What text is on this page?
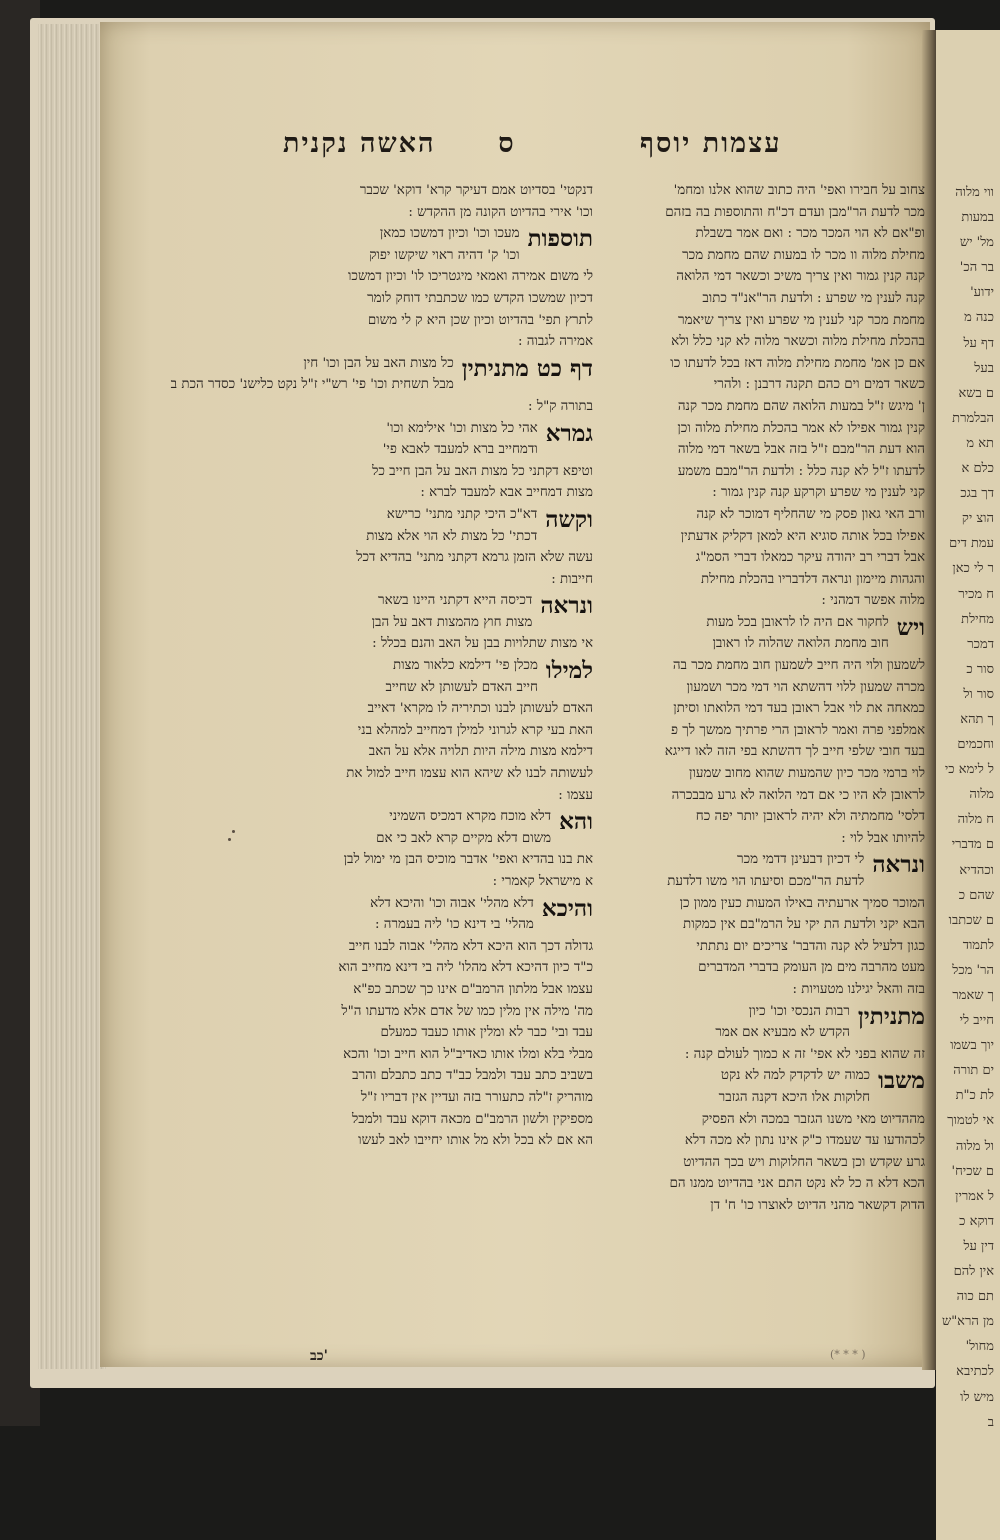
ווי מלוה
במעות
מל' יש
בר הכ'
ידוע'
כנה מ
דף על
בעל
ם בשא
הבלמרת
תא מ
כלם א
דך בגכ
הוצ יק
עמת דים
ר לי כאן
ח מכיר
מחילת
דמכר
סור כ
סור ול
ך תהא
וחכמים
ל לימא כי
מלוה
ח מלוה
ם מדברי
וכהדיא
שהם כ
ם שכתבו
לתמוד
הר' מכל
ך שאמר
חייב לי
יוך בשמו
ים תורה
לת כ"ת
אי לטמוך
ול מלוה
ם שכיח'
ל אמרין
דוקא כ
דין על
אין להם
תם כוה
מן הרא"ש
מחול'
לכתיבא
מיש לו
ב
ס  האשה נקנית	עצמות יוסף
דנקטי' בסדיוט אמם דעיקר קרא' דוקא' שכבר
וכו' אירי בהדיוט הקונה מן ההקדש :
תוספות
מעכו וכו' וכיון דמשכו כמאן
וכו' ק' דהיה ראוי שיקשו יפוק
לי משום אמירה ואמאי מיגטריכו לו' וכיון דמשכו
דכיון שמשכו הקדש כמו שכתבתי דוחק לומר
לתרץ תפי' בהדיוט וכיון שכן היא ק לי משום
אמירה לגבוה :
דף כט מתניתין
כל מצות האב על הבן וכו' חין
מבל תשחית וכו' פי' רש"י ז"ל נקט כלישנ' כסדר הכת ב
בתורה ק"ל :
גמרא
אהי כל מצות וכו' אילימא וכו'
ודמחייב ברא למעבד לאבא פי'
וטיפא דקתני כל מצות האב על הבן חייב כל
מצות דמחייב אבא למעבד לברא :
וקשה
דא"כ היכי קתני מתני' כרישא
דכתי' כל מצות לא הוי אלא מצות
עשה שלא הזמן גרמא דקתני מתני' בהדיא דכל
חייבות :
ונראה
דכיסה הייא דקתני היינו בשאר
מצות חוץ מהמצות דאב על הבן
אי מצות שתלויות בבן על האב והנם בכלל :
למילו
מכלן פי' דילמא כלאור מצות
חייב האדם לעשותן לא שחייב
האדם לעשותן לבנו וכתיריה לו מקרא' דאייב
האת בעי קרא לגרוני למילן דמחייב למהלא בני
דילמא מצות מילה היות תלויה אלא על האב
לעשותה לבנו לא שיהא הוא עצמו חייב למול את
עצמו :
והא
דלא מוכח מקרא דמכיס השמיני
משום דלא מקיים קרא לאב כי אם
את בנו בהדיא ואפי' אדבר מוכיס הבן מי ימול לבן
א מישראל קאמרי :
והיכא
דלא מהלי' אבוה וכו' והיכא דלא
מהלי' בי דינא כו' ליה בעמרה :
גדולה דכך הוא היכא דלא מהלי' אבוה לבנו חייב
כ"ד כיון דהיכא דלא מהלו' ליה בי דינא מחייב הוא
עצמו אבל מלתון הרמב"ם אינו כך שכתב כפ"א
מה' מילה אין מלין כמו של אדם אלא מדעתו ה"ל
עבד ובי' כבר לא ומלין אותו כעבד כמעלם
מבלי בלא ומלו אותו כאדיב"ל הוא חייב וכו' והכא
בשביב כתב עבד ולמבל כב"ד כתב כתבלם והרב
מוהריק ז"לה כתעורר בזה ועדיין אין דבריו ז"ל
מספיקין ולשון הרמב"ם מכאה דוקא עבד ולמבל
הא אם לא בכל ולא מל אותו יחייבו לאב לעשו
צחוב על חבירו ואפי' היה כתוב שהוא אלנו ומחמ'
מכר לדעת הר"מבן ועדם דכ"ח והתוספות בה בזהם
ופ"אם לא הוי המכר מכר : ואם אמר בשבלת
מחילת מלוה וו מכר לו במעות שהם מחמת מכר
קנה קנין גמור ואין צריך משיכ וכשאר דמי הלואה
קנה לענין מי שפרע : ולדעת הר"אנ"ד כתוב
מחמת מכר קני לענין מי שפרע ואין צריך שיאמר
בהכלת מחילת מלוה וכשאר מלוה לא קני כלל ולא
אם כן אמ' מחמת מחילת מלוה דאז בכל לדעתו כו
כשאר דמים וים כהם תקנה דרבנן : ולהרי
ן' מיגש ז"ל במעות הלואה שהם מחמת מכר קנה
קנין גמור אפילו לא אמר בהכלת מחילת מלוה וכן
הוא דעת הר"מבם ז"ל בזה אבל בשאר דמי מלוה
לדעתו ז"ל לא קנה כלל : ולדעת הר"מבם משמע
קני לענין מי שפרע וקרקע קנה קנין גמור :
ורב האי גאון פסק מי שהחליף דמוכר לא קנה
אפילו בכל אותה סוגיא היא למאן דקליק אדעתין
אבל דברי רב יהודה עיקר כמאלו דברי הסמ"ג
והגהות מיימון ונראה דלדבריו בהכלת מחילת
מלוה אפשר דמהני :
ויש
לחקור אם היה לו לראובן בכל מעות
חוב מחמת הלואה שהלוה לו ראובן
לשמעון ולוי היה חייב לשמעון חוב מחמת מכר בה
מכרה שמעון ללוי דהשתא הוי דמי מכר ושמעון
כמאחה את לוי אבל ראובן בעד דמי הלואתו וסיתן
אמלפני פרה ואמר לראובן הרי פרתיך ממשך לך פ
בעד חובי שלפי חייב לך דהשתא בפי הזה לאו דייגא
לוי ברמי מכר כיון שהמעות שהוא מחוב שמעון
לראובן לא היו כי אם דמי הלואה לא גרע מבבכרה
דלסי' מחמתיה ולא יהיה לראובן יותר יפה כח
להיותו אבל לוי :
ונראה
לי דכיון דבעינן דדמי מכר
לדעת הר"מכם וסיעתו הוי משו דלדעת
המוכר סמיך ארעתיה באילו המעות כעין ממון כן
הבא יקני ולדעת הת יקי על הרמ"בם אין כמקות
כגון דלעיל לא קנה והדבר' צריכים יום נתתתי
מעט מהרבה מים מן העומק בדברי המדברים
בזה והאל יגילנו מטעויות :
מתניתין
רבות הנכסי וכו' כיון
הקדש לא מבעיא אם אמר
זה שהוא בפני לא אפי' זה א כמוך לעולם קנה :
משבו
כמוה יש לדקדק למה לא נקט
חלוקות אלו היכא דקנה הגזבר
מההדיוט מאי משנו הגזבר במכה ולא הפסיק
לכהודעו עד שעמדו כ"ק אינו נתון לא מכה דלא
גרע שקדש וכן בשאר החלוקות ויש בכך ההדיוט
הכא דלא ה כל לא נקט התם אני בהדיוט ממנו הם
הדוק דקשאר מהני הדיוט לאוצרו כו' ח' דן
כב'	(* * * )
